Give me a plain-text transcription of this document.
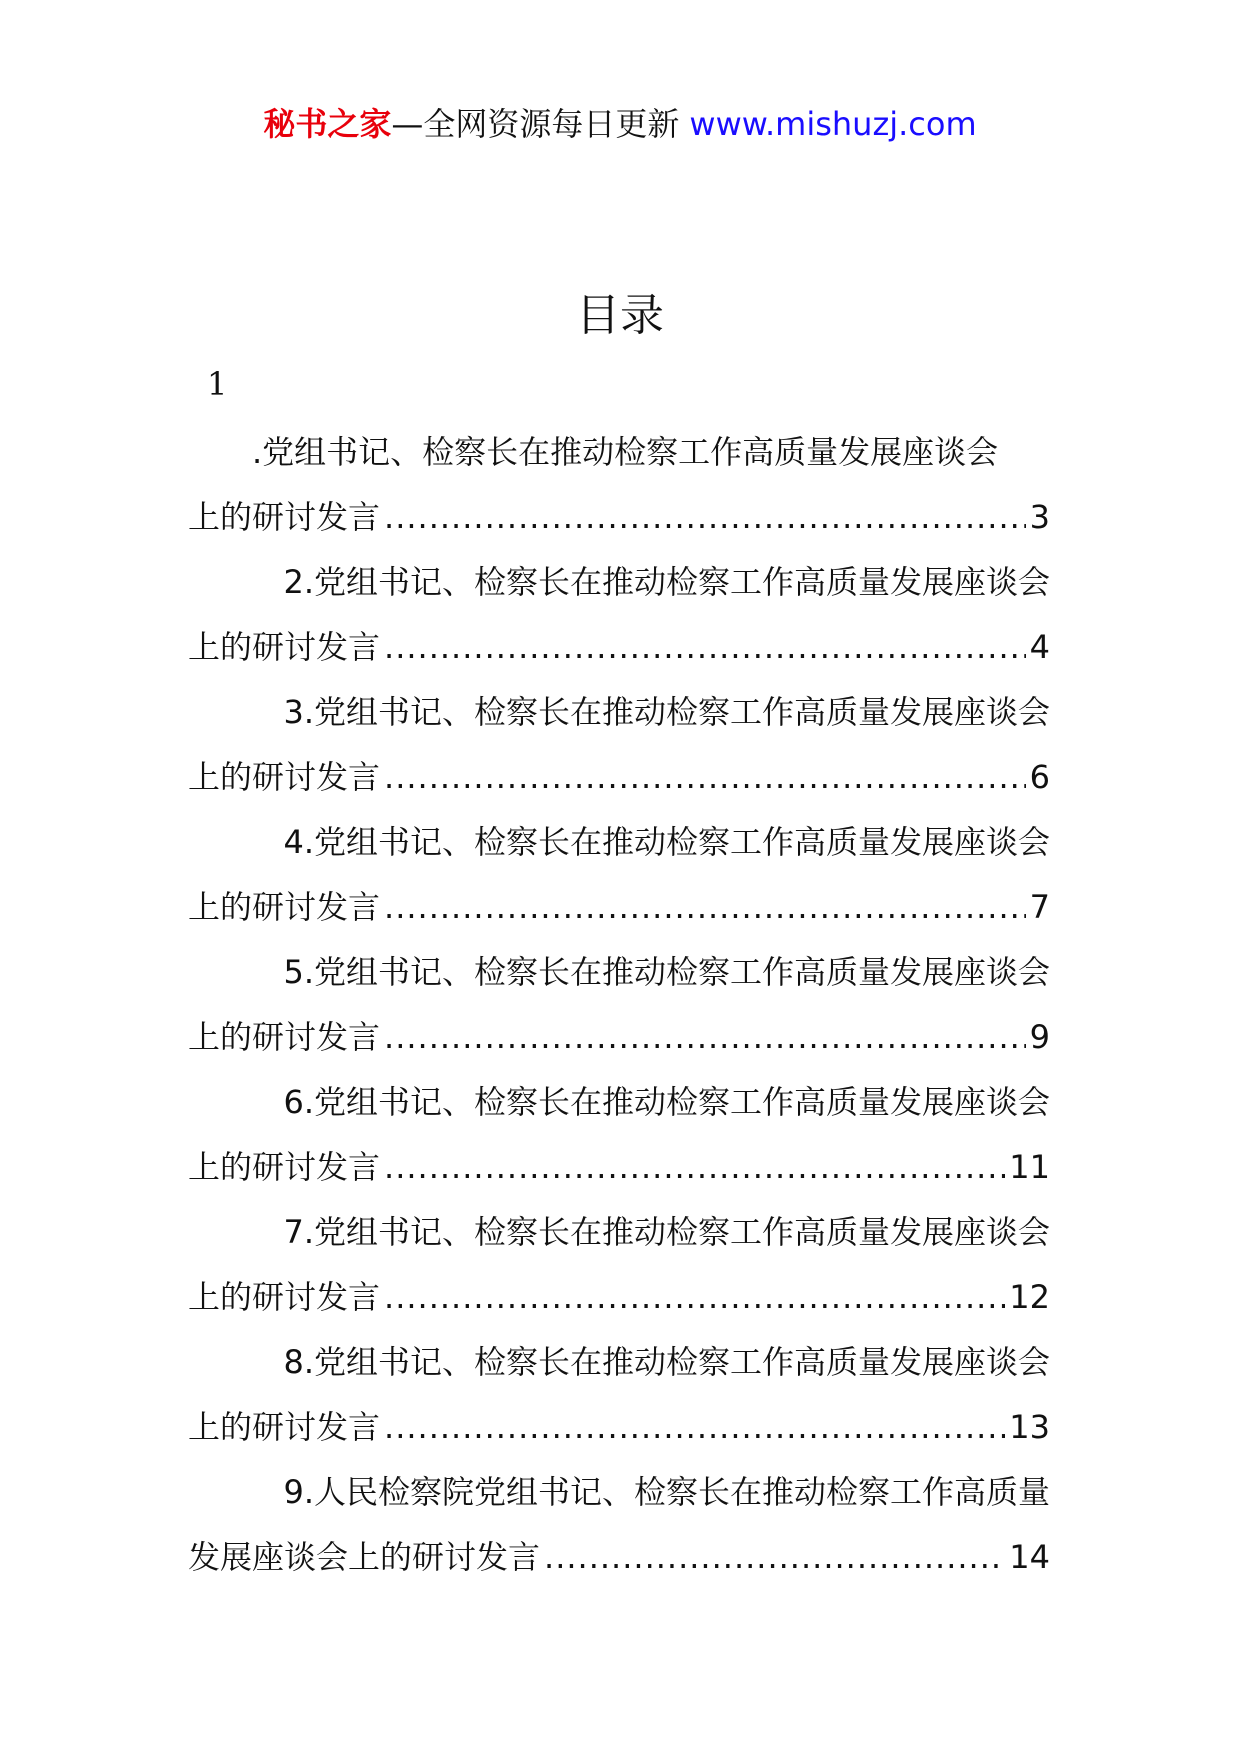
秘书之家—全网资源每日更新 www.mishuzj.com
目录
1
.党组书记、检察长在推动检察工作高质量发展座谈会
上的研讨发言 .....	3
2.党组书记、检察长在推动检察工作高质量发展座谈会
上的研讨发言 .....	4
3.党组书记、检察长在推动检察工作高质量发展座谈会
上的研讨发言 .....	6
4.党组书记、检察长在推动检察工作高质量发展座谈会
上的研讨发言 .....	7
5.党组书记、检察长在推动检察工作高质量发展座谈会
上的研讨发言 .....	9
6.党组书记、检察长在推动检察工作高质量发展座谈会
上的研讨发言 .....	11
7.党组书记、检察长在推动检察工作高质量发展座谈会
上的研讨发言 .....	12
8.党组书记、检察长在推动检察工作高质量发展座谈会
上的研讨发言 .....	13
9.人民检察院党组书记、检察长在推动检察工作高质量
发展座谈会上的研讨发言 .....	14
